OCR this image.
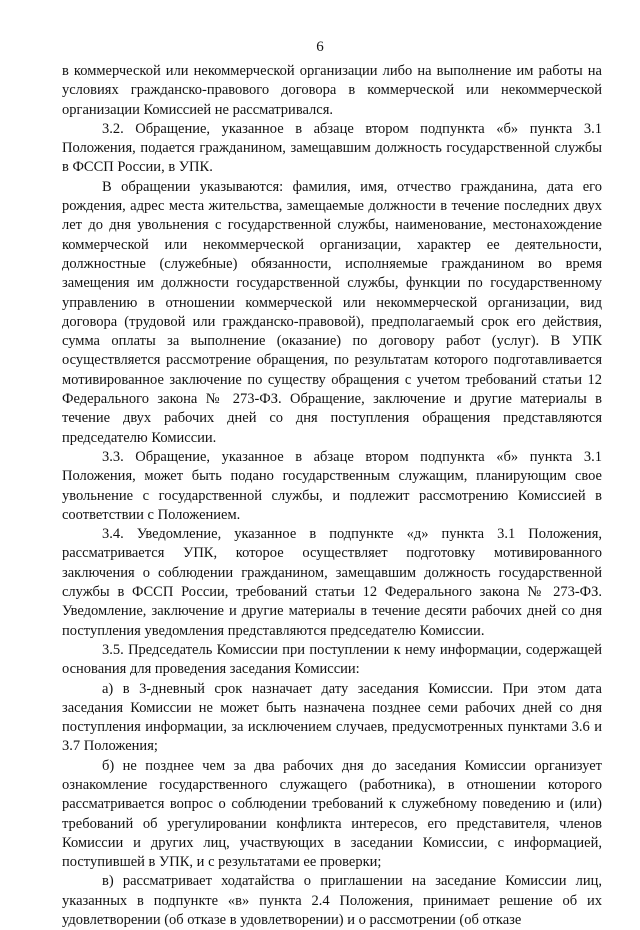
6

в коммерческой или некоммерческой организации либо на выполнение им работы на условиях гражданско-правового договора в коммерческой или некоммерческой организации Комиссией не рассматривался.

3.2. Обращение, указанное в абзаце втором подпункта «б» пункта 3.1 Положения, подается гражданином, замещавшим должность государственной службы в ФССП России, в УПК.

В обращении указываются: фамилия, имя, отчество гражданина, дата его рождения, адрес места жительства, замещаемые должности в течение последних двух лет до дня увольнения с государственной службы, наименование, местонахождение коммерческой или некоммерческой организации, характер ее деятельности, должностные (служебные) обязанности, исполняемые гражданином во время замещения им должности государственной службы, функции по государственному управлению в отношении коммерческой или некоммерческой организации, вид договора (трудовой или гражданско-правовой), предполагаемый срок его действия, сумма оплаты за выполнение (оказание) по договору работ (услуг). В УПК осуществляется рассмотрение обращения, по результатам которого подготавливается мотивированное заключение по существу обращения с учетом требований статьи 12 Федерального закона № 273-ФЗ. Обращение, заключение и другие материалы в течение двух рабочих дней со дня поступления обращения представляются председателю Комиссии.

3.3. Обращение, указанное в абзаце втором подпункта «б» пункта 3.1 Положения, может быть подано государственным служащим, планирующим свое увольнение с государственной службы, и подлежит рассмотрению Комиссией в соответствии с Положением.

3.4. Уведомление, указанное в подпункте «д» пункта 3.1 Положения, рассматривается УПК, которое осуществляет подготовку мотивированного заключения о соблюдении гражданином, замещавшим должность государственной службы в ФССП России, требований статьи 12 Федерального закона № 273-ФЗ. Уведомление, заключение и другие материалы в течение десяти рабочих дней со дня поступления уведомления представляются председателю Комиссии.

3.5. Председатель Комиссии при поступлении к нему информации, содержащей основания для проведения заседания Комиссии:

а) в 3-дневный срок назначает дату заседания Комиссии. При этом дата заседания Комиссии не может быть назначена позднее семи рабочих дней со дня поступления информации, за исключением случаев, предусмотренных пунктами 3.6 и 3.7 Положения;

б) не позднее чем за два рабочих дня до заседания Комиссии организует ознакомление государственного служащего (работника), в отношении которого рассматривается вопрос о соблюдении требований к служебному поведению и (или) требований об урегулировании конфликта интересов, его представителя, членов Комиссии и других лиц, участвующих в заседании Комиссии, с информацией, поступившей в УПК, и с результатами ее проверки;

в) рассматривает ходатайства о приглашении на заседание Комиссии лиц, указанных в подпункте «в» пункта 2.4 Положения, принимает решение об их удовлетворении (об отказе в удовлетворении) и о рассмотрении (об отказе
